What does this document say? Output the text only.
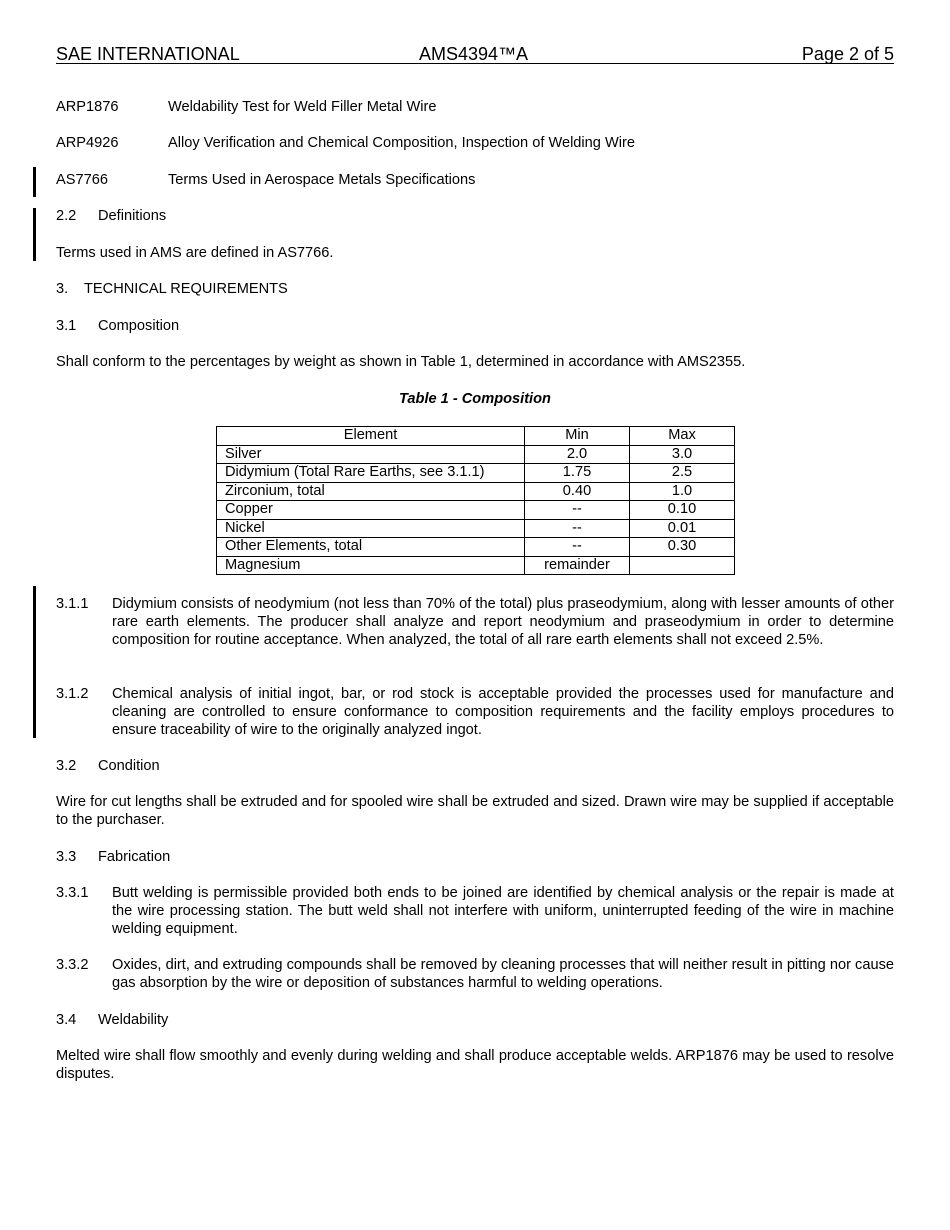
SAE INTERNATIONAL	AMS4394™A	Page 2 of 5
ARP1876	Weldability Test for Weld Filler Metal Wire
ARP4926	Alloy Verification and Chemical Composition, Inspection of Welding Wire
AS7766	Terms Used in Aerospace Metals Specifications
2.2 Definitions
Terms used in AMS are defined in AS7766.
3. TECHNICAL REQUIREMENTS
3.1 Composition
Shall conform to the percentages by weight as shown in Table 1, determined in accordance with AMS2355.
Table 1 - Composition
Element	Min	Max
Silver	2.0	3.0
Didymium (Total Rare Earths, see 3.1.1)	1.75	2.5
Zirconium, total	0.40	1.0
Copper	--	0.10
Nickel	--	0.01
Other Elements, total	--	0.30
Magnesium	remainder	
3.1.1 Didymium consists of neodymium (not less than 70% of the total) plus praseodymium, along with lesser amounts of other rare earth elements. The producer shall analyze and report neodymium and praseodymium in order to determine composition for routine acceptance. When analyzed, the total of all rare earth elements shall not exceed 2.5%.
3.1.2 Chemical analysis of initial ingot, bar, or rod stock is acceptable provided the processes used for manufacture and cleaning are controlled to ensure conformance to composition requirements and the facility employs procedures to ensure traceability of wire to the originally analyzed ingot.
3.2 Condition
Wire for cut lengths shall be extruded and for spooled wire shall be extruded and sized. Drawn wire may be supplied if acceptable to the purchaser.
3.3 Fabrication
3.3.1 Butt welding is permissible provided both ends to be joined are identified by chemical analysis or the repair is made at the wire processing station. The butt weld shall not interfere with uniform, uninterrupted feeding of the wire in machine welding equipment.
3.3.2 Oxides, dirt, and extruding compounds shall be removed by cleaning processes that will neither result in pitting nor cause gas absorption by the wire or deposition of substances harmful to welding operations.
3.4 Weldability
Melted wire shall flow smoothly and evenly during welding and shall produce acceptable welds. ARP1876 may be used to resolve disputes.
